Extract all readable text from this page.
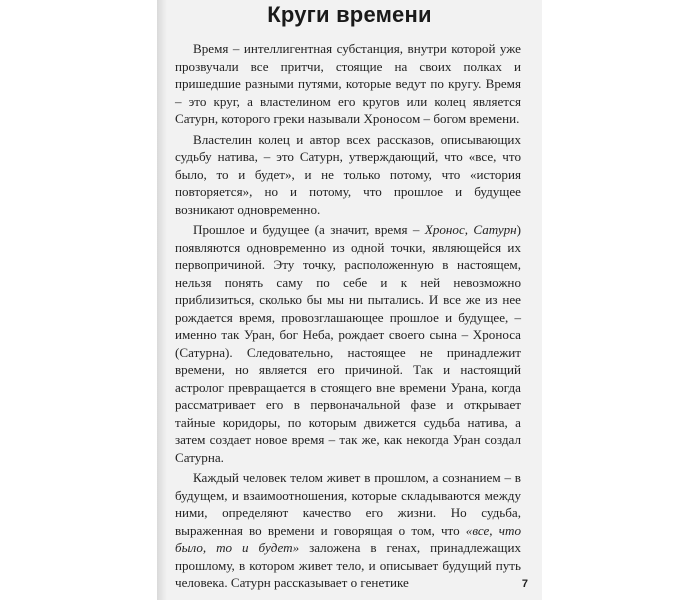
Круги времени

Время – интеллигентная субстанция, внутри которой уже прозвучали все притчи, стоящие на своих полках и пришедшие разными путями, которые ведут по кругу. Время – это круг, а властелином его кругов или колец является Сатурн, которого греки называли Хроносом – богом времени.

Властелин колец и автор всех рассказов, описывающих судьбу натива, – это Сатурн, утверждающий, что «все, что было, то и будет», и не только потому, что «история повторяется», но и потому, что прошлое и будущее возникают одновременно.

Прошлое и будущее (а значит, время – Хронос, Сатурн) появляются одновременно из одной точки, являющейся их первопричиной. Эту точку, расположенную в настоящем, нельзя понять саму по себе и к ней невозможно приблизиться, сколько бы мы ни пытались. И все же из нее рождается время, провозглашающее прошлое и будущее, – именно так Уран, бог Неба, рождает своего сына – Хроноса (Сатурна). Следовательно, настоящее не принадлежит времени, но является его причиной. Так и настоящий астролог превращается в стоящего вне времени Урана, когда рассматривает его в первоначальной фазе и открывает тайные коридоры, по которым движется судьба натива, а затем создает новое время – так же, как некогда Уран создал Сатурна.

Каждый человек телом живет в прошлом, а сознанием – в будущем, и взаимоотношения, которые складываются между ними, определяют качество его жизни. Но судьба, выраженная во времени и говорящая о том, что «все, что было, то и будет» заложена в генах, принадлежащих прошлому, в котором живет тело, и описывает будущий путь человека. Сатурн рассказывает о генетике	7
